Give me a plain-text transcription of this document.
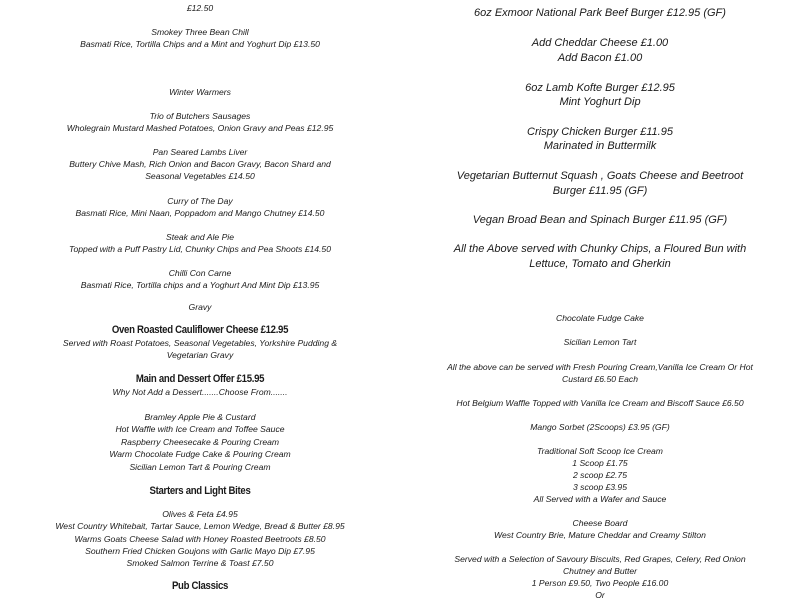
£12.50
Smokey Three Bean Chill
Basmati Rice, Tortilla Chips and a Mint and Yoghurt Dip £13.50
Winter Warmers
Trio of Butchers Sausages
Wholegrain Mustard Mashed Potatoes, Onion Gravy and Peas £12.95
Pan Seared Lambs Liver
Buttery Chive Mash, Rich Onion and Bacon Gravy, Bacon Shard and
Seasonal Vegetables £14.50
Curry of The Day
Basmati Rice, Mini Naan, Poppadom and Mango Chutney £14.50
Steak and Ale Pie
Topped with a Puff Pastry Lid, Chunky Chips and Pea Shoots £14.50
Chilli Con Carne
Basmati Rice, Tortilla chips and a Yoghurt And Mint Dip £13.95
Gravy
Oven Roasted Cauliflower Cheese £12.95
Served with Roast Potatoes, Seasonal Vegetables, Yorkshire Pudding &
Vegetarian Gravy
Main and Dessert Offer £15.95
Why Not Add a Dessert.......Choose From.......
Bramley Apple Pie & Custard
Hot Waffle with Ice Cream and Toffee Sauce
Raspberry Cheesecake & Pouring Cream
Warm Chocolate Fudge Cake & Pouring Cream
Sicilian Lemon Tart & Pouring Cream
Starters and Light Bites
Olives & Feta £4.95
West Country Whitebait, Tartar Sauce, Lemon Wedge, Bread & Butter £8.95
Warms Goats Cheese Salad with Honey Roasted Beetroots £8.50
Southern Fried Chicken Goujons with Garlic Mayo Dip £7.95
Smoked Salmon Terrine & Toast £7.50
Pub Classics
6oz Exmoor National Park Beef Burger £12.95 (GF)
Add Cheddar Cheese £1.00
Add Bacon £1.00
6oz Lamb Kofte Burger £12.95
Mint Yoghurt Dip
Crispy Chicken Burger £11.95
Marinated in Buttermilk
Vegetarian Butternut Squash , Goats Cheese and Beetroot
Burger £11.95 (GF)
Vegan Broad Bean and Spinach Burger £11.95 (GF)
All the Above served with Chunky Chips, a Floured Bun with
Lettuce, Tomato and Gherkin
Chocolate Fudge Cake
Sicilian Lemon Tart
All the above can be served with Fresh Pouring Cream,Vanilla Ice Cream Or Hot
Custard £6.50 Each
Hot Belgium Waffle Topped with Vanilla Ice Cream and Biscoff Sauce £6.50
Mango Sorbet (2Scoops) £3.95 (GF)
Traditional Soft Scoop Ice Cream
1 Scoop £1.75
2 scoop £2.75
3 scoop £3.95
All Served with a Wafer and Sauce
Cheese Board
West Country Brie, Mature Cheddar and Creamy Stilton
Served with a Selection of Savoury Biscuits, Red Grapes, Celery, Red Onion
Chutney and Butter
1 Person £9.50, Two People £16.00
Or
